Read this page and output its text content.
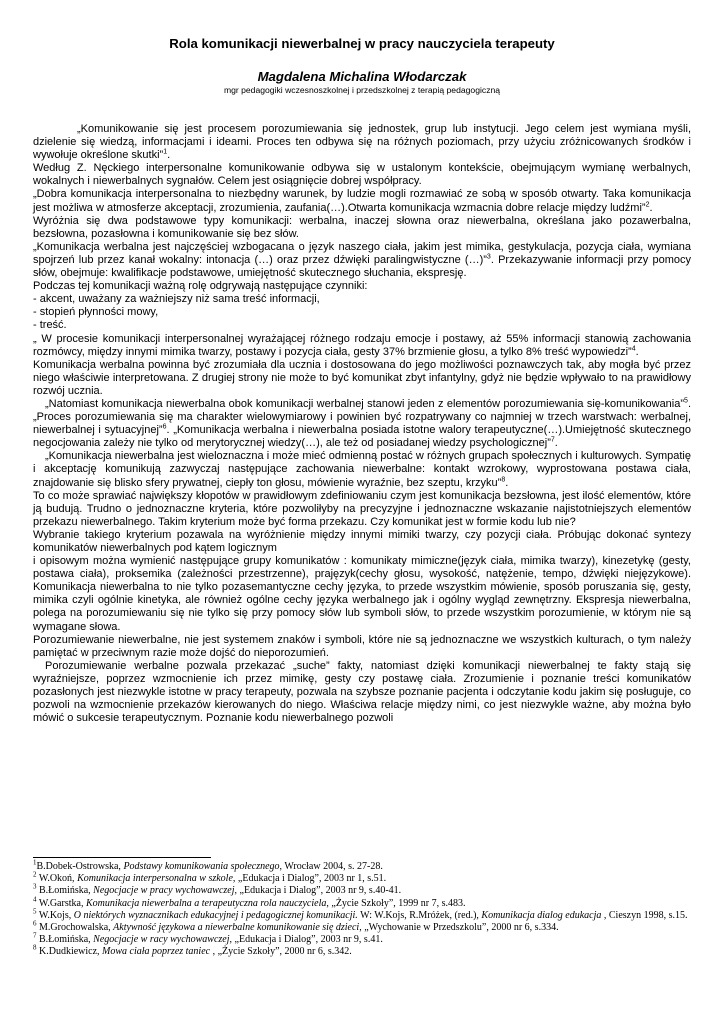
Rola komunikacji niewerbalnej w pracy nauczyciela terapeuty
Magdalena Michalina Włodarczak
mgr pedagogiki wczesnoszkolnej i przedszkolnej z terapią pedagogiczną

„Komunikowanie się jest procesem porozumiewania się jednostek, grup lub instytucji. Jego celem jest wymiana myśli, dzielenie się wiedzą, informacjami i ideami. Proces ten odbywa się na różnych poziomach, przy użyciu zróżnicowanych środków i wywołuje określone skutki”$^1$.

Według Z. Nęckiego interpersonalne komunikowanie odbywa się w ustalonym kontekście, obejmującym wymianę werbalnych, wokalnych i niewerbalnych sygnałów. Celem jest osiągnięcie dobrej współpracy.

„Dobra komunikacja interpersonalna to niezbędny warunek, by ludzie mogli rozmawiać ze sobą w sposób otwarty. Taka komunikacja jest możliwa w atmosferze akceptacji, zrozumienia, zaufania(…).Otwarta komunikacja wzmacnia dobre relacje między ludźmi”$^2$.

Wyróżnia się dwa podstawowe typy komunikacji: werbalna, inaczej słowna oraz niewerbalna, określana jako pozawerbalna, bezsłowna, pozasłowna i komunikowanie się bez słów.

„Komunikacja werbalna jest najczęściej wzbogacana o język naszego ciała, jakim jest mimika, gestykulacja, pozycja ciała, wymiana spojrzeń lub przez kanał wokalny: intonacja (…) oraz przez dźwięki paralingwistyczne (…)”$^3$. Przekazywanie informacji przy pomocy słów, obejmuje: kwalifikacje podstawowe, umiejętność skutecznego słuchania, ekspresję.

Podczas tej komunikacji ważną rolę odgrywają następujące czynniki:

- akcent, uważany za ważniejszy niż sama treść informacji,

- stopień płynności mowy,

- treść.

„ W procesie komunikacji interpersonalnej wyrażającej różnego rodzaju emocje i postawy, aż 55% informacji stanowią zachowania rozmówcy, między innymi mimika twarzy, postawy i pozycja ciała, gesty 37% brzmienie głosu, a tylko 8% treść wypowiedzi”$^4$.

Komunikacja werbalna powinna być zrozumiała dla ucznia i dostosowana do jego możliwości poznawczych tak, aby mogła być przez niego właściwie interpretowana. Z drugiej strony nie może to być komunikat zbyt infantylny, gdyż nie będzie wpływało to na prawidłowy rozwój ucznia.

„Natomiast komunikacja niewerbalna obok komunikacji werbalnej stanowi jeden z elementów porozumiewania się-komunikowania”$^5$. „Proces porozumiewania się ma charakter wielowymiarowy i powinien być rozpatrywany co najmniej w trzech warstwach: werbalnej, niewerbalnej i sytuacyjnej”$^6$. „Komunikacja werbalna i niewerbalna posiada istotne walory terapeutyczne(…).Umiejętność skutecznego negocjowania zależy nie tylko od merytorycznej wiedzy(…), ale też od posiadanej wiedzy psychologicznej”$^7$.

„Komunikacja niewerbalna jest wieloznaczna i może mieć odmienną postać w różnych grupach społecznych i kulturowych. Sympatię i akceptację komunikują zazwyczaj następujące zachowania niewerbalne: kontakt wzrokowy, wyprostowana postawa ciała, znajdowanie się blisko sfery prywatnej, ciepły ton głosu, mówienie wyraźnie, bez szeptu, krzyku”$^8$.

To co może sprawiać największy kłopotów w prawidłowym zdefiniowaniu czym jest komunikacja bezsłowna, jest ilość elementów, które ją budują. Trudno o jednoznaczne kryteria, które pozwoliłyby na precyzyjne i jednoznaczne wskazanie najistotniejszych elementów przekazu niewerbalnego. Takim kryterium może być forma przekazu. Czy komunikat jest w formie kodu lub nie?

Wybranie takiego kryterium pozawala na wyróżnienie między innymi mimiki twarzy, czy pozycji ciała. Próbując dokonać syntezy komunikatów niewerbalnych pod kątem logicznym

i opisowym można wymienić następujące grupy komunikatów : komunikaty mimiczne(język ciała, mimika twarzy), kinezetykę (gesty, postawa ciała), proksemika (zależności przestrzenne), prajęzyk(cechy głosu, wysokość, natężenie, tempo, dźwięki niejęzykowe). Komunikacja niewerbalna to nie tylko pozasemantyczne cechy języka, to przede wszystkim mówienie, sposób poruszania się, gesty, mimika czyli ogólnie kinetyka, ale również ogólne cechy języka werbalnego jak i ogólny wygląd zewnętrzny. Ekspresja niewerbalna, polega na porozumiewaniu się nie tylko się przy pomocy słów lub symboli słów, to przede wszystkim porozumienie, w którym nie są wymagane słowa.

Porozumiewanie niewerbalne, nie jest systemem znaków i symboli, które nie są jednoznaczne we wszystkich kulturach, o tym należy pamiętać w przeciwnym razie może dojść do nieporozumień.

Porozumiewanie werbalne pozwala przekazać „suche” fakty, natomiast dzięki komunikacji niewerbalnej te fakty stają się wyraźniejsze, poprzez wzmocnienie ich przez mimikę, gesty czy postawę ciała. Zrozumienie i poznanie treści komunikatów pozasłonych jest niezwykle istotne w pracy terapeuty, pozwala na szybsze poznanie pacjenta i odczytanie kodu jakim się posługuje, co pozwoli na wzmocnienie przekazów kierowanych do niego. Właściwa relacje między nimi, co jest niezwykle ważne, aby można było mówić o sukcesie terapeutycznym. Poznanie kodu niewerbalnego pozwoli

$^1$B.Dobek-Ostrowska, Podstawy komunikowania społecznego, Wrocław 2004, s. 27-28.

$^2$ W.Okoń, Komunikacja interpersonalna w szkole, „Edukacja i Dialog”, 2003 nr 1, s.51.

$^3$ B.Łomińska, Negocjacje w pracy wychowawczej, „Edukacja i Dialog”, 2003 nr 9, s.40-41.

$^4$ W.Garstka, Komunikacja niewerbalna a terapeutyczna rola nauczyciela, „Życie Szkoły”, 1999 nr 7, s.483.

$^5$ W.Kojs, O niektórych wyznacznikach edukacyjnej i pedagogicznej komunikacji. W: W.Kojs, R.Mróżek, (red.), Komunikacja dialog edukacja , Cieszyn 1998, s.15.

$^6$ M.Grochowalska, Aktywność językowa a niewerbalne komunikowanie się dzieci, „Wychowanie w Przedszkolu”, 2000 nr 6, s.334.

$^7$ B.Łomińska, Negocjacje w racy wychowawczej, „Edukacja i Dialog”, 2003 nr 9, s.41.

$^8$ K.Dudkiewicz, Mowa ciała poprzez taniec , „Życie Szkoły”, 2000 nr 6, s.342.
